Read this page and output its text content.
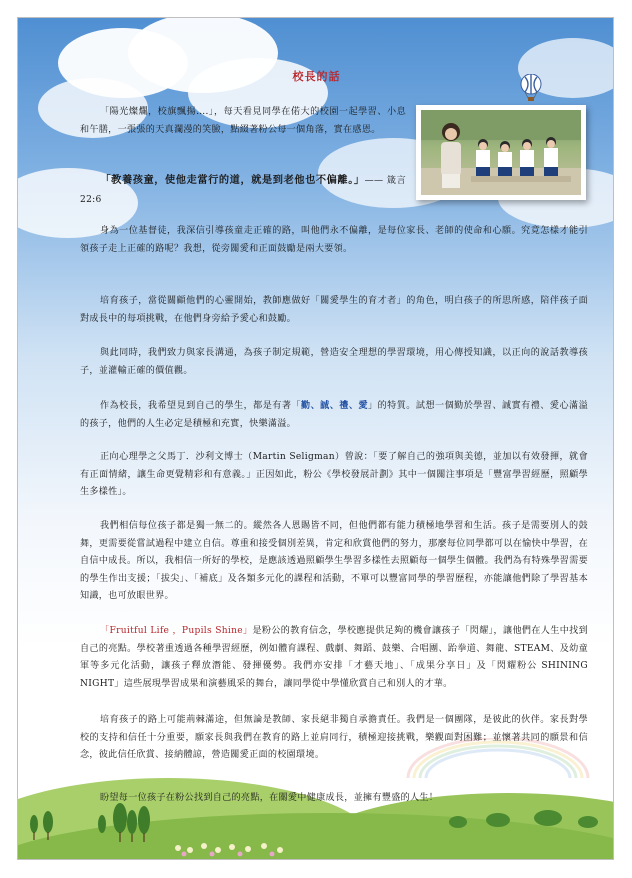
校長的話

「陽光燦爛，校旗飄揚….」，每天看見同學在偌大的校園一起學習、小息和午膳，一張張的天真瀾漫的笑臉，點綴著粉公每一個角落，實在感恩。

「教養孩童，使他走當行的道，就是到老他也不偏離。」—— 箴言 22:6

身為一位基督徒，我深信引導孩童走正確的路，叫他們永不偏離，是每位家長、老師的使命和心願。究竟怎樣才能引領孩子走上正確的路呢？我想，從旁關愛和正面鼓勵是兩大要領。

培育孩子，當從關顧他們的心靈開始，教師應做好「關愛學生的育才者」的角色，明白孩子的所思所感，陪伴孩子面對成長中的每項挑戰，在他們身旁給予愛心和鼓勵。

與此同時，我們致力與家長溝通，為孩子制定規範，營造安全理想的學習環境，用心傳授知識，以正向的說話教導孩子，並灌輸正確的價值觀。

作為校長，我希望見到自己的學生，都是有著「勤、誠、禮、愛」的特質。試想一個勤於學習、誠實有禮、愛心滿溢的孩子，他們的人生必定是積極和充實，快樂滿溢。

正向心理學之父馬丁．沙利文博士（Martin Seligman）曾說：「要了解自己的強項與美德，並加以有效發揮，就會有正面情緒，讓生命更覺精彩和有意義。」正因如此，粉公《學校發展計劃》其中一個關注事項是「豐富學習經歷，照顧學生多樣性」。

我們相信每位孩子都是獨一無二的。縱然各人恩賜皆不同，但他們都有能力積極地學習和生活。孩子是需要別人的鼓舞，更需要從嘗試過程中建立自信。尊重和接受個別差異，肯定和欣賞他們的努力，那麼每位同學都可以在愉快中學習，在自信中成長。所以，我相信一所好的學校，是應該透過照顧學生學習多樣性去照顧每一個學生個體。我們為有特殊學習需要的學生作出支援；「拔尖」、「補底」及各類多元化的課程和活動，不單可以豐富同學的學習歷程，亦能讓他們除了學習基本知識，也可放眼世界。

「Fruitful Life ，Pupils Shine」是粉公的教育信念，學校應提供足夠的機會讓孩子「閃耀」，讓他們在人生中找到自己的亮點。學校著重透過各種學習經歷，例如體育課程、戲劇、舞蹈、鼓樂、合唱團、跆拳道、舞龍、STEAM、及幼童軍等多元化活動，讓孩子釋放潛能、發揮優勢。我們亦安排「才藝天地」、「成果分享日」及「閃耀粉公 SHINING NIGHT」這些展現學習成果和演藝風采的舞台，讓同學從中學懂欣賞自己和別人的才華。

培育孩子的路上可能荊棘滿途，但無論是教師、家長絕非獨自承擔責任。我們是一個團隊，是彼此的伙伴。家長對學校的支持和信任十分重要，願家長與我們在教育的路上並肩同行，積極迎接挑戰，樂觀面對困難；並懷著共同的願景和信念，彼此信任欣賞、接納體諒，營造關愛正面的校園環境。

盼望每一位孩子在粉公找到自己的亮點，在關愛中健康成長，並擁有豐盛的人生！
